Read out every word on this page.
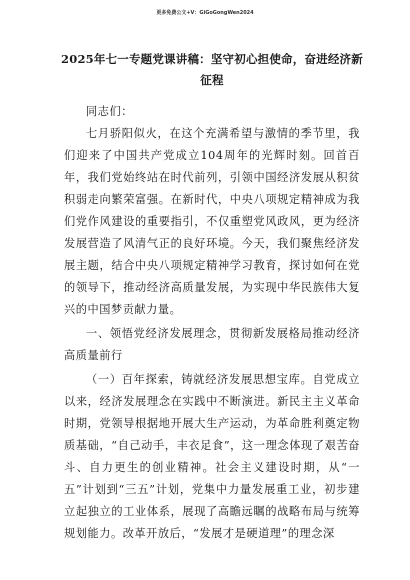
更多免费公文+V：GiGoGongWen2024
2025年七一专题党课讲稿：坚守初心担使命，奋进经济新征程

同志们：

七月骄阳似火，在这个充满希望与激情的季节里，我们迎来了中国共产党成立104周年的光辉时刻。回首百年，我们党始终站在时代前列，引领中国经济发展从积贫积弱走向繁荣富强。在新时代，中央八项规定精神成为我们党作风建设的重要指引，不仅重塑党风政风，更为经济发展营造了风清气正的良好环境。今天，我们聚焦经济发展主题，结合中央八项规定精神学习教育，探讨如何在党的领导下，推动经济高质量发展，为实现中华民族伟大复兴的中国梦贡献力量。

一、领悟党经济发展理念，贯彻新发展格局推动经济高质量前行

（一）百年探索，铸就经济发展思想宝库。自党成立以来，经济发展理念在实践中不断演进。新民主主义革命时期，党领导根据地开展大生产运动，为革命胜利奠定物质基础，“自己动手，丰衣足食”，这一理念体现了艰苦奋斗、自力更生的创业精神。社会主义建设时期，从“一五”计划到“三五”计划，党集中力量发展重工业，初步建立起独立的工业体系，展现了高瞻远瞩的战略布局与统筹规划能力。改革开放后，“发展才是硬道理”的理念深
